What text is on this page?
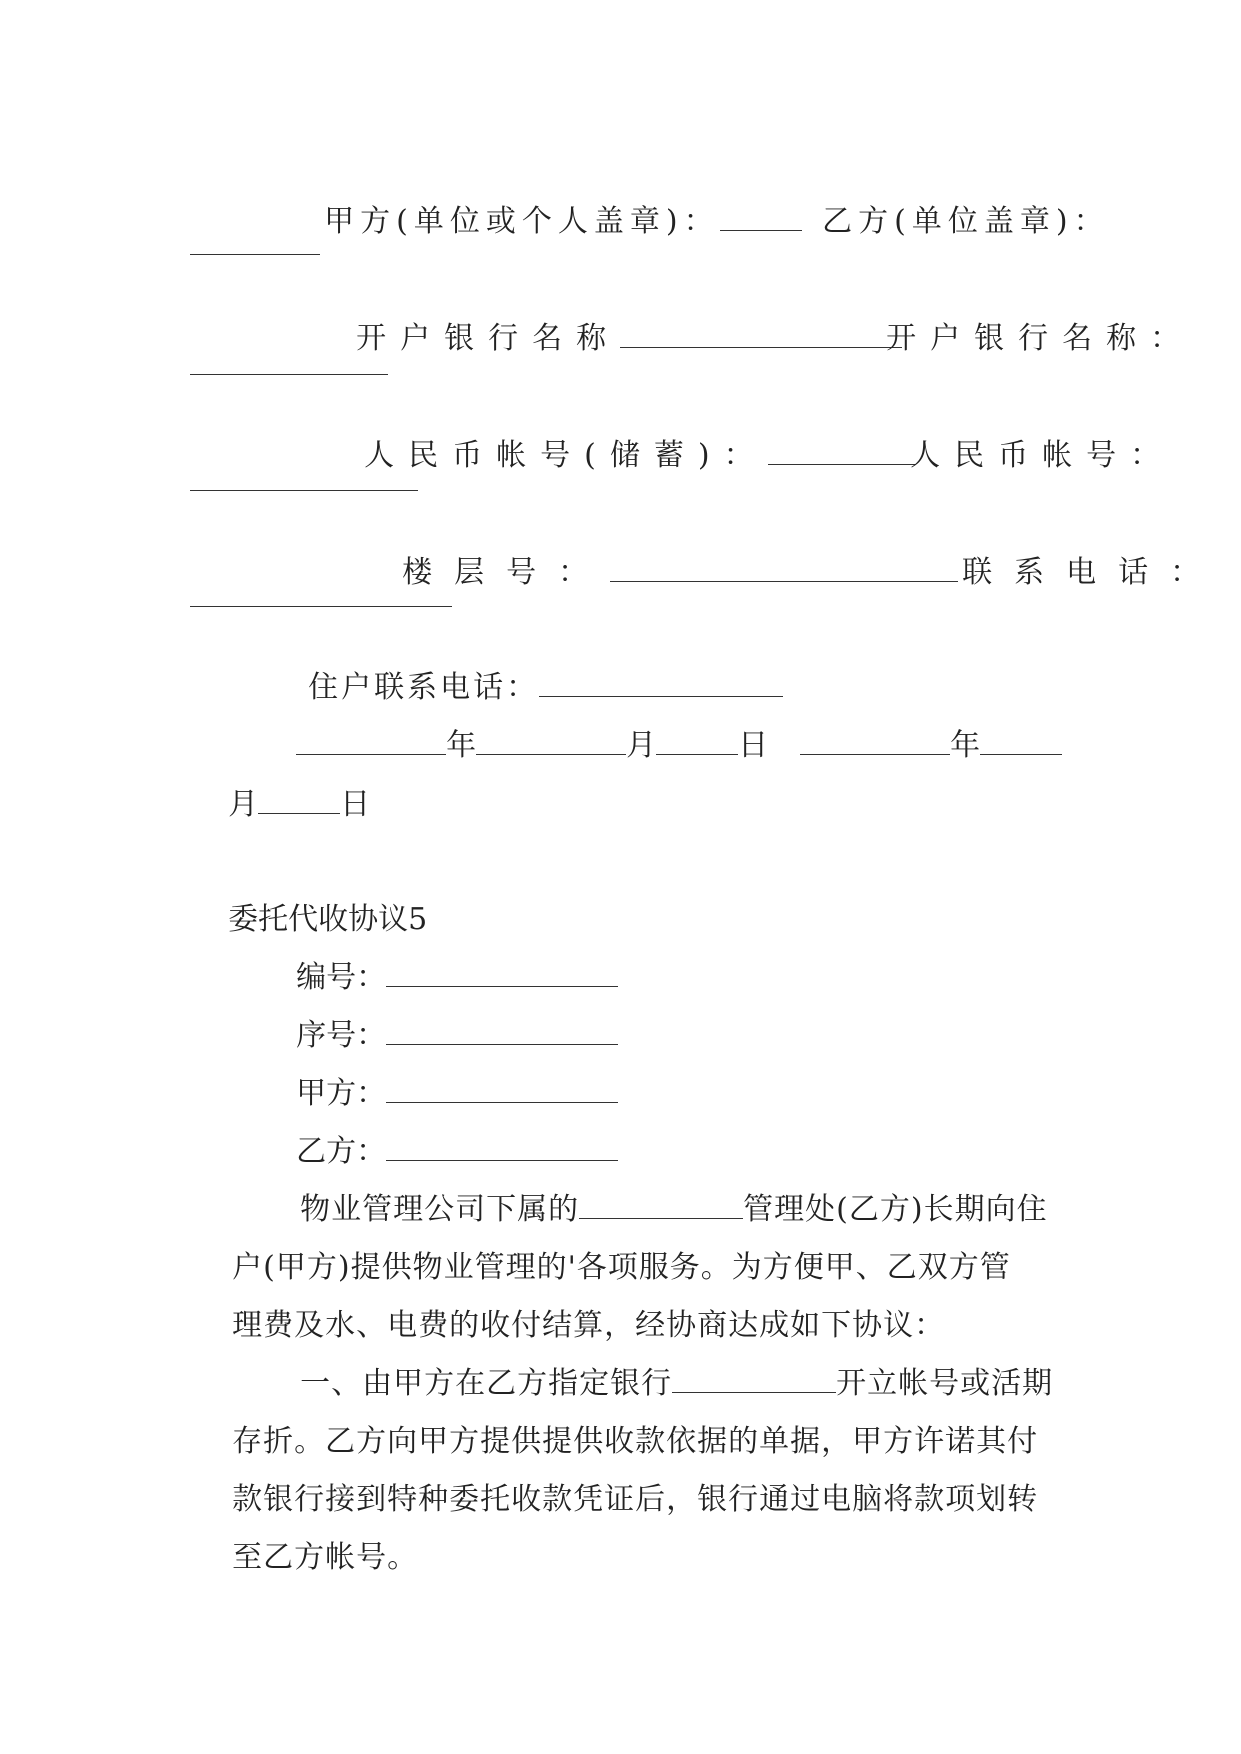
甲方(单位或个人盖章)：
	乙方(单位盖章)：

开户银行名称
	开户银行名称：

人民币帐号(储蓄)：
	人民币帐号：

楼层号：
	联系电话：

住户联系电话：

年	月	日	年

月	日

委托代收协议5

编号：

序号：

甲方：

乙方：

物业管理公司下属的	管理处(乙方)长期向住

户(甲方)提供物业管理的'各项服务。为方便甲、乙双方管

理费及水、电费的收付结算，经协商达成如下协议：

一、由甲方在乙方指定银行	开立帐号或活期

存折。乙方向甲方提供提供收款依据的单据，甲方许诺其付

款银行接到特种委托收款凭证后，银行通过电脑将款项划转

至乙方帐号。
